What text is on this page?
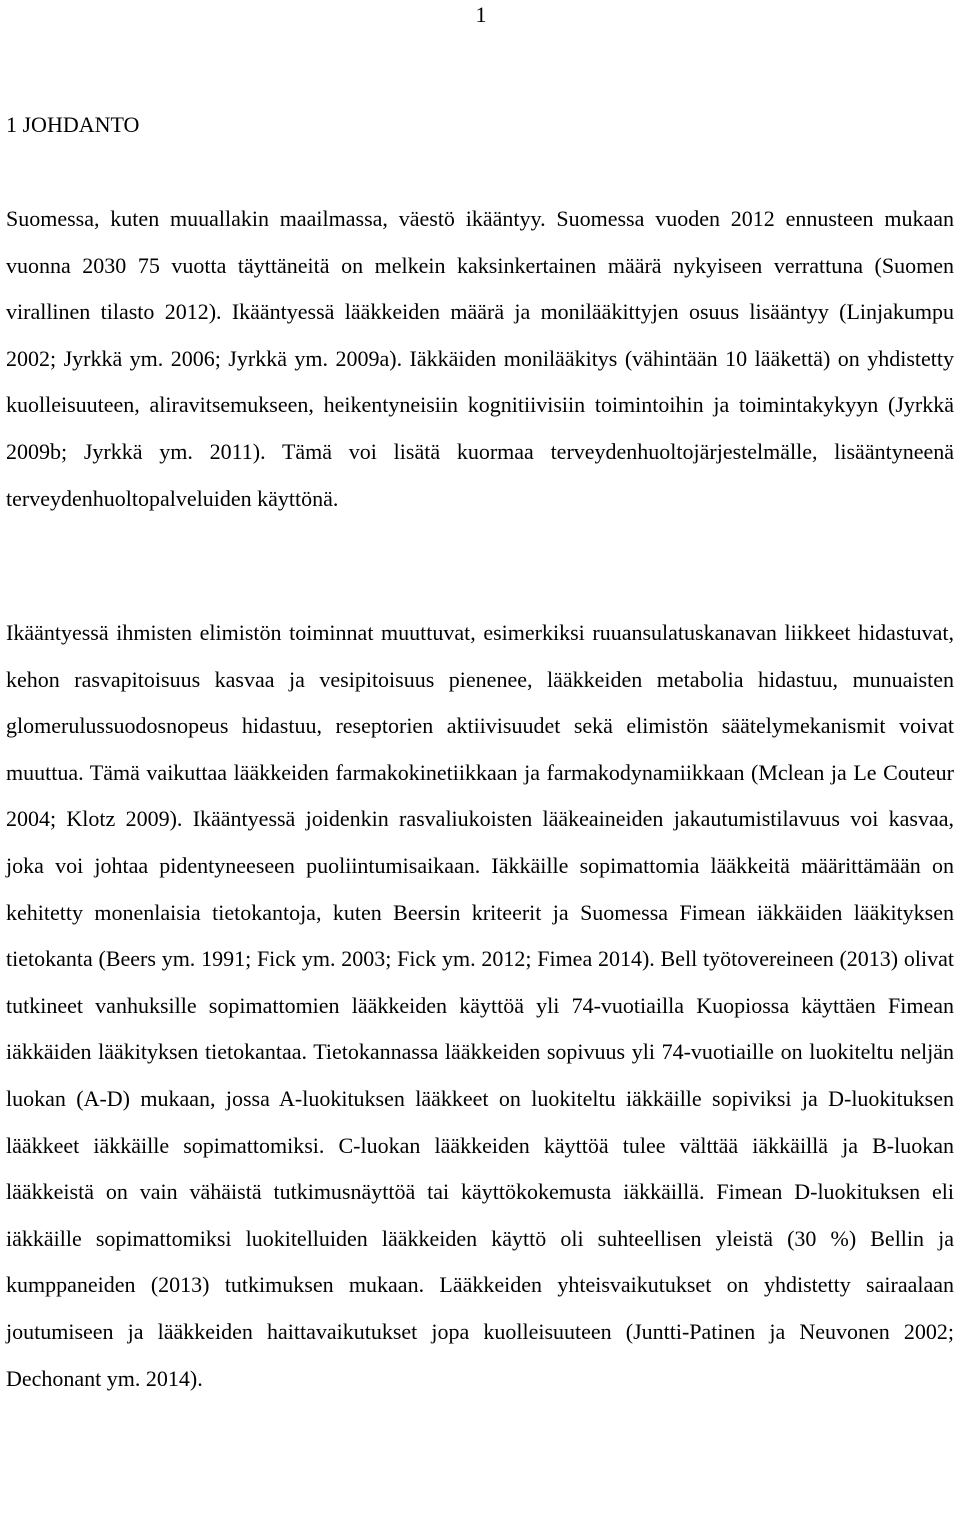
1
1 JOHDANTO

Suomessa, kuten muuallakin maailmassa, väestö ikääntyy. Suomessa vuoden 2012 ennusteen mukaan vuonna 2030 75 vuotta täyttäneitä on melkein kaksinkertainen määrä nykyiseen verrattuna (Suomen virallinen tilasto 2012). Ikääntyessä lääkkeiden määrä ja monilääkittyjen osuus lisääntyy (Linjakumpu 2002; Jyrkkä ym. 2006; Jyrkkä ym. 2009a). Iäkkäiden monilääkitys (vähintään 10 lääkettä) on yhdistetty kuolleisuuteen, aliravitsemukseen, heikentyneisiin kognitiivisiin toimintoihin ja toimintakykyyn (Jyrkkä 2009b; Jyrkkä ym. 2011). Tämä voi lisätä kuormaa terveydenhuoltojärjestelmälle, lisääntyneenä terveydenhuoltopalveluiden käyttönä.

Ikääntyessä ihmisten elimistön toiminnat muuttuvat, esimerkiksi ruuansulatuskanavan liikkeet hidastuvat, kehon rasvapitoisuus kasvaa ja vesipitoisuus pienenee, lääkkeiden metabolia hidastuu, munuaisten glomerulussuodosnopeus hidastuu, reseptorien aktiivisuudet sekä elimistön säätelymekanismit voivat muuttua. Tämä vaikuttaa lääkkeiden farmakokinetiikkaan ja farmakodynamiikkaan (Mclean ja Le Couteur 2004; Klotz 2009). Ikääntyessä joidenkin rasvaliukoisten lääkeaineiden jakautumistilavuus voi kasvaa, joka voi johtaa pidentyneeseen puoliintumisaikaan. Iäkkäille sopimattomia lääkkeitä määrittämään on kehitetty monenlaisia tietokantoja, kuten Beersin kriteerit ja Suomessa Fimean iäkkäiden lääkityksen tietokanta (Beers ym. 1991; Fick ym. 2003; Fick ym. 2012; Fimea 2014). Bell työtovereineen (2013) olivat tutkineet vanhuksille sopimattomien lääkkeiden käyttöä yli 74-vuotiailla Kuopiossa käyttäen Fimean iäkkäiden lääkityksen tietokantaa. Tietokannassa lääkkeiden sopivuus yli 74-vuotiaille on luokiteltu neljän luokan (A-D) mukaan, jossa A-luokituksen lääkkeet on luokiteltu iäkkäille sopiviksi ja D-luokituksen lääkkeet iäkkäille sopimattomiksi. C-luokan lääkkeiden käyttöä tulee välttää iäkkäillä ja B-luokan lääkkeistä on vain vähäistä tutkimusnäyttöä tai käyttökokemusta iäkkäillä. Fimean D-luokituksen eli iäkkäille sopimattomiksi luokitelluiden lääkkeiden käyttö oli suhteellisen yleistä (30 %) Bellin ja kumppaneiden (2013) tutkimuksen mukaan. Lääkkeiden yhteisvaikutukset on yhdistetty sairaalaan joutumiseen ja lääkkeiden haittavaikutukset jopa kuolleisuuteen (Juntti-Patinen ja Neuvonen 2002; Dechonant ym. 2014).
